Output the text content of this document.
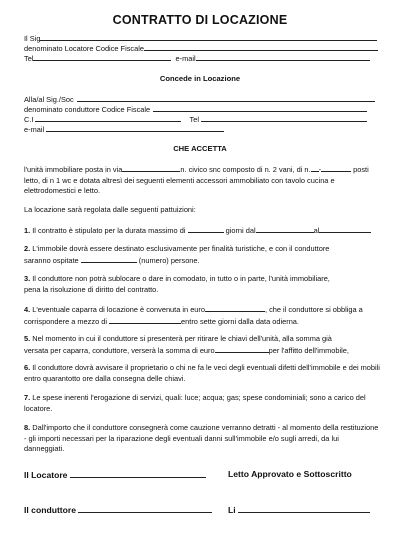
CONTRATTO DI LOCAZIONE
Il Sig
denominato Locatore Codice Fiscale
Tel	e-mail
Concede in Locazione
Alla/al Sig./Soc
denominato conduttore Codice Fiscale
C.I	Tel
e-mail
CHE ACCETTA
l'unità immobiliare posta in via	n. civico snc composto di n. 2 vani, di n. -	posti letto, di n 1 wc e dotata altresì dei seguenti elementi accessori ammobiliato con tavolo cucina e elettrodomestici e letto.
La locazione sarà regolata dalle seguenti pattuizioni:
1. Il contratto è stipulato per la durata massimo di	giorni dal	al
2. L'immobile dovrà essere destinato esclusivamente per finalità turistiche, e con il conduttore
saranno ospitate	(numero) persone.
3. Il conduttore non potrà sublocare o dare in comodato, in tutto o in parte, l'unità immobiliare,
pena la risoluzione di diritto del contratto.
4. L'eventuale caparra di locazione è convenuta in euro	, che il conduttore si obbliga a
corrispondere a mezzo di	entro sette giorni dalla data odierna.
5. Nel momento in cui il conduttore si presenterà per ritirare le chiavi dell'unità, alla somma già
versata per caparra, conduttore, verserà la somma di euro	per l'affitto dell'immobile,
6. Il conduttore dovrà avvisare il proprietario o chi ne fa le veci degli eventuali difetti dell'immobile e dei mobili entro quarantotto ore dalla consegna delle chiavi.
7. Le spese inerenti l'erogazione di servizi, quali: luce; acqua; gas; spese condominiali; sono a carico del locatore.
8. Dall'importo che il conduttore consegnerà come cauzione verranno detratti - al momento della restituzione - gli importi necessari per la riparazione degli eventuali danni sull'immobile e/o sugli arredi, da lui danneggiati.
Il Locatore	Letto Approvato e Sottoscritto
Il conduttore	Li
